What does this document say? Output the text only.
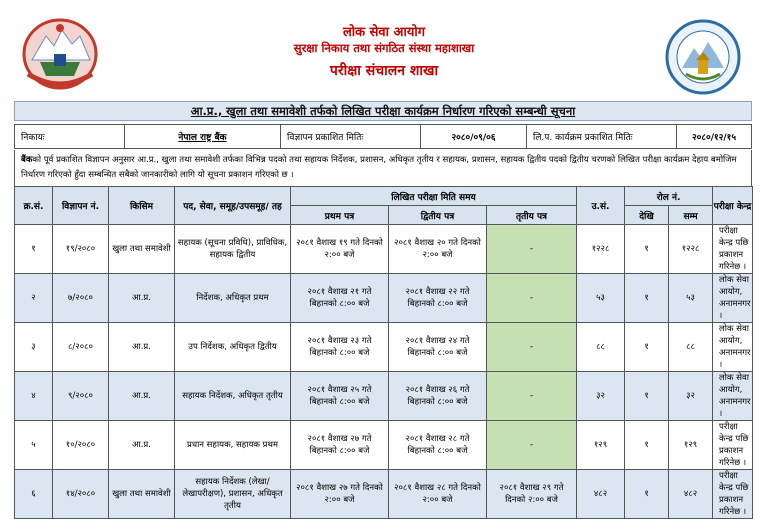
लोक सेवा आयोग
सुरक्षा निकाय तथा संगठित संस्था महाशाखा
परीक्षा संचालन शाखा
आ.प्र., खुला तथा समावेशी तर्फको लिखित परीक्षा कार्यक्रम निर्धारण गरिएको सम्बन्धी सूचना
निकायः	नेपाल राष्ट्र बैंक	विज्ञापन प्रकाशित मितिः	२०८०/०९/०६	लि.प. कार्यक्रम प्रकाशित मितिः	२०८०/१२/१५
बैंकको पूर्व प्रकाशित विज्ञापन अनुसार आ.प्र., खुला तथा समावेशी तर्फका विभिन्न पदको तथा सहायक निर्देशक, प्रशासन, अधिकृत तृतीय र सहायक, प्रशासन, सहायक द्वितीय पदको द्वितीय चरणको लिखित परीक्षा कार्यक्रम देहाय बमोजिम निर्धारण गरिएको हुँदा सम्बन्धित सबैको जानकारीको लागि यो सूचना प्रकाशन गरिएको छ ।
क्र.सं.	विज्ञापन नं.	किसिम	पद, सेवा, समूह/उपसमूह/ तह	लिखित परीक्षा मिति समय			उ.सं.	रोल नं.		परीक्षा केन्द्र
				प्रथम पत्र	द्वितीय पत्र	तृतीय पत्र		देखि	सम्म	
१	१९/२०८०	खुला तथा समावेशी	सहायक (सूचना प्रविधि), प्राविधिक, सहायक द्वितीय	२०८१ वैशाख १९ गते दिनको २:०० बजे	२०८१ वैशाख २० गते दिनको २:०० बजे	-	१२२८	१	१२२८	परीक्षा केन्द्र पछि प्रकाशन गरिनेछ ।
२	७/२०८०	आ.प्र.	निर्देशक, अधिकृत प्रथम	२०८१ वैशाख २१ गते बिहानको ८:०० बजे	२०८१ वैशाख २२ गते बिहानको ८:०० बजे	-	५३	१	५३	लोक सेवा आयोग, अनामनगर ।
३	८/२०८०	आ.प्र.	उप निर्देशक, अधिकृत द्वितीय	२०८१ वैशाख २३ गते बिहानको ८:०० बजे	२०८१ वैशाख २४ गते बिहानको ८:०० बजे	-	८८	१	८८	लोक सेवा आयोग, अनामनगर ।
४	९/२०८०	आ.प्र.	सहायक निर्देशक, अधिकृत तृतीय	२०८१ वैशाख २५ गते बिहानको ८:०० बजे	२०८१ वैशाख २६ गते बिहानको ८:०० बजे	-	३२	१	३२	लोक सेवा आयोग, अनामनगर ।
५	१०/२०८०	आ.प्र.	प्रधान सहायक, सहायक प्रथम	२०८१ वैशाख २७ गते बिहानको ८:०० बजे	२०८१ वैशाख २८ गते बिहानको ८:०० बजे	-	१२९	१	१२९	परीक्षा केन्द्र पछि प्रकाशन गरिनेछ ।
६	१४/२०८०	खुला तथा समावेशी	सहायक निर्देशक (लेखा/लेखापरीक्षण), प्रशासन, अधिकृत तृतीय	२०८१ वैशाख २७ गते दिनको २:०० बजे	२०८१ वैशाख २८ गते दिनको २:०० बजे	२०८१ वैशाख २९ गते दिनको २:०० बजे	४८२	१	४८२	परीक्षा केन्द्र पछि प्रकाशन गरिनेछ ।
